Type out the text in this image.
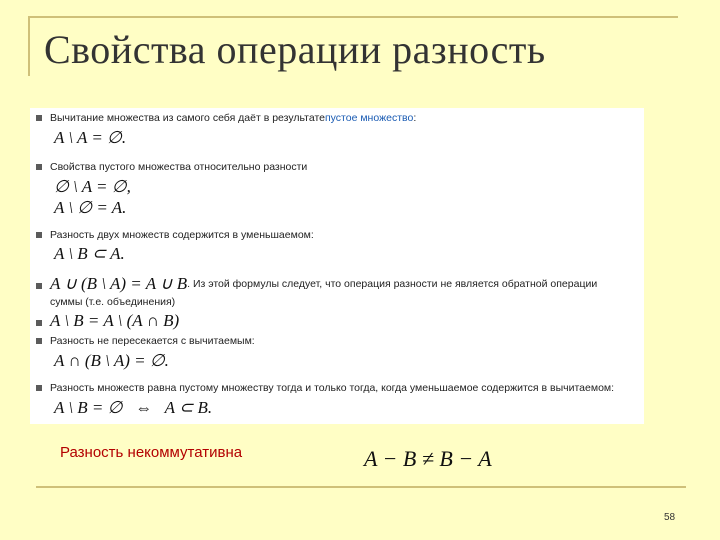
Свойства операции разность
Вычитание множества из самого себя даёт в результате пустое множество :
A \ A = ∅.
Свойства пустого множества относительно разности
∅ \ A = ∅,
A \ ∅ = A.
Разность двух множеств содержится в уменьшаемом:
A \ B ⊂ A.
A ∪ (B \ A) = A ∪ B . Из этой формулы следует, что операция разности не является обратной операции
суммы (т.е. объединения)
A \ B = A \ (A ∩ B)
Разность не пересекается с вычитаемым:
A ∩ (B \ A) = ∅.
Разность множеств равна пустому множеству тогда и только тогда, когда уменьшаемое содержится в вычитаемом:
A \ B = ∅   ⇔   A ⊂ B.
Разность некоммутативна	A − B ≠ B − A
58
